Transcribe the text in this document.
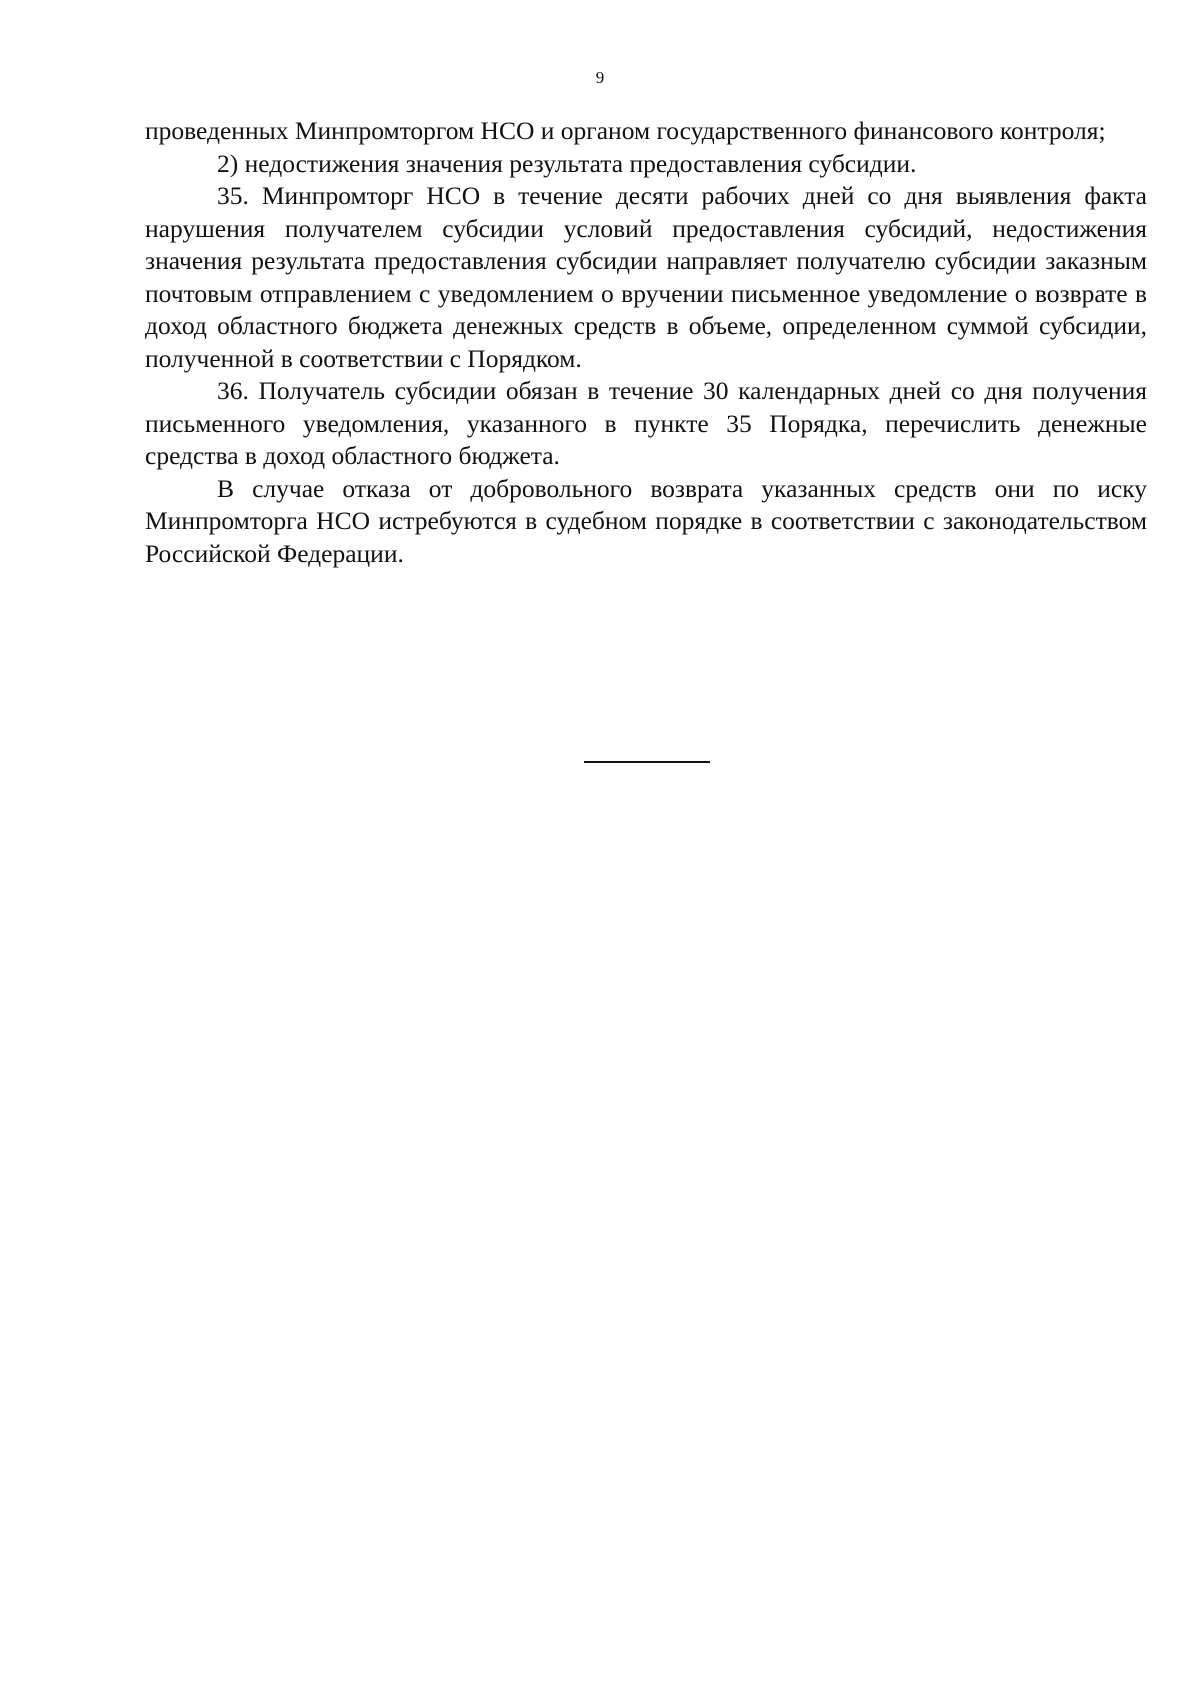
9

проведенных Минпромторгом НСО и органом государственного финансового контроля;

2) недостижения значения результата предоставления субсидии.

35. Минпромторг НСО в течение десяти рабочих дней со дня выявления факта нарушения получателем субсидии условий предоставления субсидий, недостижения значения результата предоставления субсидии направляет получателю субсидии заказным почтовым отправлением с уведомлением о вручении письменное уведомление о возврате в доход областного бюджета денежных средств в объеме, определенном суммой субсидии, полученной в соответствии с Порядком.

36. Получатель субсидии обязан в течение 30 календарных дней со дня получения письменного уведомления, указанного в пункте 35 Порядка, перечислить денежные средства в доход областного бюджета.

В случае отказа от добровольного возврата указанных средств они по иску Минпромторга НСО истребуются в судебном порядке в соответствии с законодательством Российской Федерации.
